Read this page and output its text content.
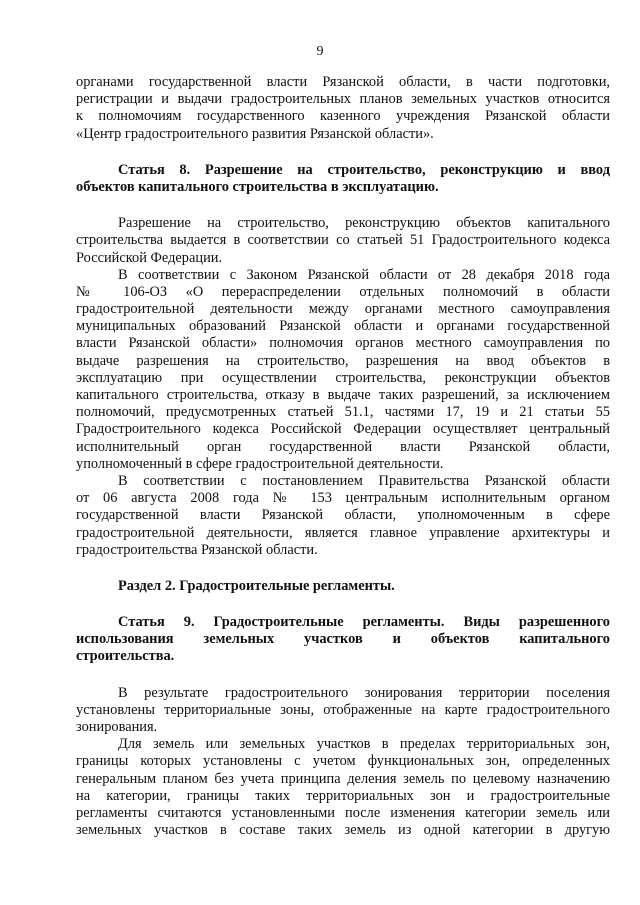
9
органами государственной власти Рязанской области, в части подготовки,
регистрации и выдачи градостроительных планов земельных участков относится
к полномочиям государственного казенного учреждения Рязанской области
«Центр градостроительного развития Рязанской области».
Статья 8. Разрешение на строительство, реконструкцию и ввод
объектов капитального строительства в эксплуатацию.
Разрешение на строительство, реконструкцию объектов капитального
строительства выдается в соответствии со статьей 51 Градостроительного кодекса
Российской Федерации.
В соответствии с Законом Рязанской области от 28 декабря 2018 года
№ 106-ОЗ «О перераспределении отдельных полномочий в области
градостроительной деятельности между органами местного самоуправления
муниципальных образований Рязанской области и органами государственной
власти Рязанской области» полномочия органов местного самоуправления по
выдаче разрешения на строительство, разрешения на ввод объектов в
эксплуатацию при осуществлении строительства, реконструкции объектов
капитального строительства, отказу в выдаче таких разрешений, за исключением
полномочий, предусмотренных статьей 51.1, частями 17, 19 и 21 статьи 55
Градостроительного кодекса Российской Федерации осуществляет центральный
исполнительный орган государственной власти Рязанской области,
уполномоченный в сфере градостроительной деятельности.
В соответствии с постановлением Правительства Рязанской области
от 06 августа 2008 года № 153 центральным исполнительным органом
государственной власти Рязанской области, уполномоченным в сфере
градостроительной деятельности, является главное управление архитектуры и
градостроительства Рязанской области.
Раздел 2. Градостроительные регламенты.
Статья 9. Градостроительные регламенты. Виды разрешенного
использования земельных участков и объектов капитального
строительства.
В результате градостроительного зонирования территории поселения
установлены территориальные зоны, отображенные на карте градостроительного
зонирования.
Для земель или земельных участков в пределах территориальных зон,
границы которых установлены с учетом функциональных зон, определенных
генеральным планом без учета принципа деления земель по целевому назначению
на категории, границы таких территориальных зон и градостроительные
регламенты считаются установленными после изменения категории земель или
земельных участков в составе таких земель из одной категории в другую
